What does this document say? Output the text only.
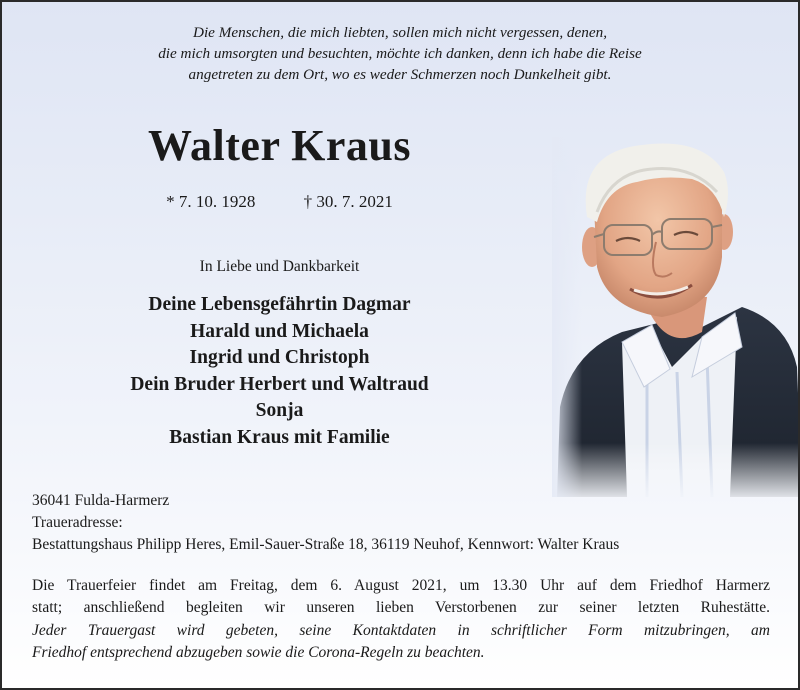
Die Menschen, die mich liebten, sollen mich nicht vergessen, denen,
die mich umsorgten und besuchten, möchte ich danken, denn ich habe die Reise
angetreten zu dem Ort, wo es weder Schmerzen noch Dunkelheit gibt.
Walter Kraus
* 7. 10. 1928	† 30. 7. 2021
In Liebe und Dankbarkeit
Deine Lebensgefährtin Dagmar
Harald und Michaela
Ingrid und Christoph
Dein Bruder Herbert und Waltraud
Sonja
Bastian Kraus mit Familie
36041 Fulda-Harmerz
Traueradresse:
Bestattungshaus Philipp Heres, Emil-Sauer-Straße 18, 36119 Neuhof, Kennwort: Walter Kraus

Die Trauerfeier findet am Freitag, dem 6. August 2021, um 13.30 Uhr auf dem Friedhof Harmerz

statt; anschließend begleiten wir unseren lieben Verstorbenen zur seiner letzten Ruhestätte.

Jeder Trauergast wird gebeten, seine Kontaktdaten in schriftlicher Form mitzubringen, am

Friedhof entsprechend abzugeben sowie die Corona-Regeln zu beachten.
